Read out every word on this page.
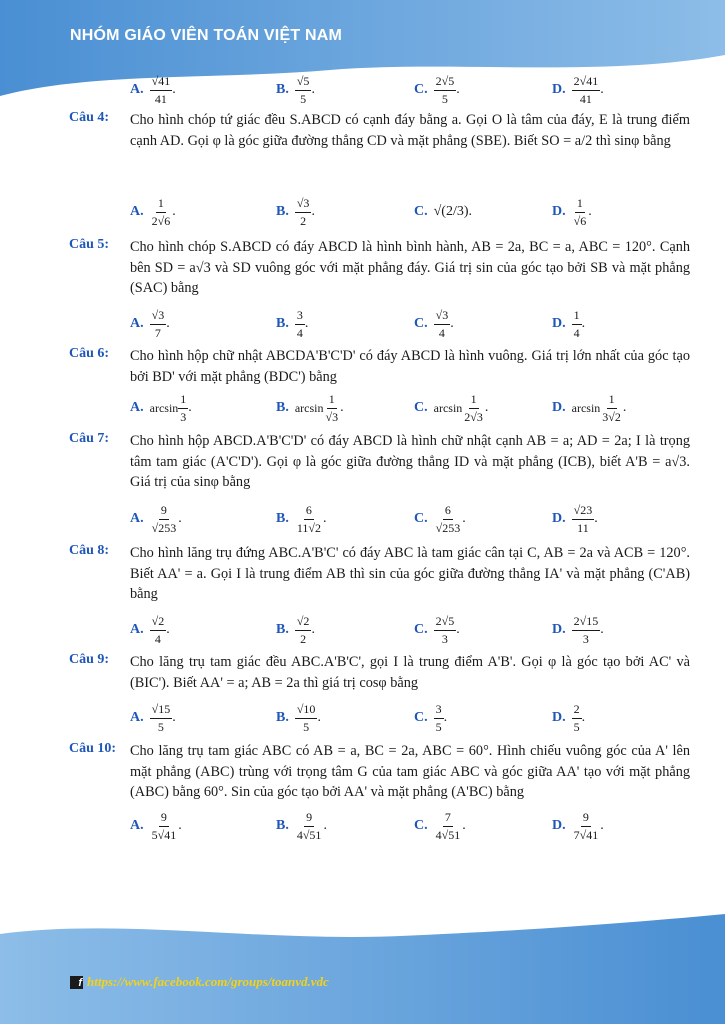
NHÓM GIÁO VIÊN TOÁN VIỆT NAM
A. $\frac{√41}{41}$ .	B. $\frac{√5}{5}$ .	C. $\frac{2√5}{5}$ .	D. $\frac{2√41}{41}$ .
Câu 4: Cho hình chóp tứ giác đều S.ABCD có cạnh đáy bằng a. Gọi O là tâm của đáy, E là trung điểm cạnh AD. Gọi φ là góc giữa đường thẳng CD và mặt phẳng (SBE). Biết SO = a/2 thì sinφ bằng
A. $\frac{1}{2√6}$ .	B. $\frac{√3}{2}$ .	C. √(2/3) .	D. $\frac{1}{√6}$ .
Câu 5: Cho hình chóp S.ABCD có đáy ABCD là hình bình hành, AB = 2a, BC = a, ABC = 120°. Cạnh bên SD = a√3 và SD vuông góc với mặt phẳng đáy. Giá trị sin của góc tạo bởi SB và mặt phẳng (SAC) bằng
A. $\frac{√3}{7}$ .	B. $\frac{3}{4}$ .	C. $\frac{√3}{4}$ .	D. $\frac{1}{4}$ .
Câu 6: Cho hình hộp chữ nhật ABCDA'B'C'D' có đáy ABCD là hình vuông. Giá trị lớn nhất của góc tạo bởi BD' với mặt phẳng (BDC') bằng
A. $\arcsin \frac{1}{3}$ .	B. $\arcsin \frac{1}{√3}$ .	C. $\arcsin \frac{1}{2√3}$ .	D. $\arcsin \frac{1}{3√2}$ .
Câu 7: Cho hình hộp ABCD.A'B'C'D' có đáy ABCD là hình chữ nhật cạnh AB = a; AD = 2a; I là trọng tâm tam giác (A'C'D'). Gọi φ là góc giữa đường thẳng ID và mặt phẳng (ICB), biết A'B = a√3. Giá trị của sinφ bằng
A. $\frac{9}{√253}$ .	B. $\frac{6}{11√2}$ .	C. $\frac{6}{√253}$ .	D. $\frac{√23}{11}$ .
Câu 8: Cho hình lăng trụ đứng ABC.A'B'C' có đáy ABC là tam giác cân tại C, AB = 2a và ACB = 120°. Biết AA' = a. Gọi I là trung điểm AB thì sin của góc giữa đường thẳng IA' và mặt phẳng (C'AB) bằng
A. $\frac{√2}{4}$ .	B. $\frac{√2}{2}$ .	C. $\frac{2√5}{3}$ .	D. $\frac{2√15}{3}$ .
Câu 9: Cho lăng trụ tam giác đều ABC.A'B'C', gọi I là trung điểm A'B'. Gọi φ là góc tạo bởi AC' và (BIC'). Biết AA' = a; AB = 2a thì giá trị cosφ bằng
A. $\frac{√15}{5}$ .	B. $\frac{√10}{5}$ .	C. $\frac{3}{5}$ .	D. $\frac{2}{5}$ .
Câu 10: Cho lăng trụ tam giác ABC có AB = a, BC = 2a, ABC = 60°. Hình chiếu vuông góc của A' lên mặt phẳng (ABC) trùng với trọng tâm G của tam giác ABC và góc giữa AA' tạo với mặt phẳng (ABC) bằng 60°. Sin của góc tạo bởi AA' và mặt phẳng (A'BC) bằng
A. $\frac{9}{5√41}$ .	B. $\frac{9}{4√51}$ .	C. $\frac{7}{4√51}$ .	D. $\frac{9}{7√41}$ .
f https://www.facebook.com/groups/toanvd.vdc
